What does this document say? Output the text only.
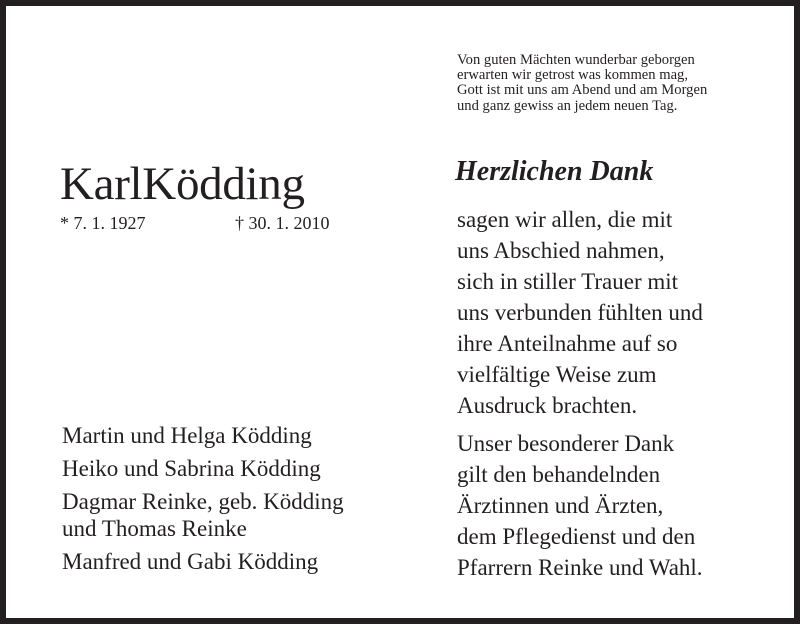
Von guten Mächten wunderbar geborgen
erwarten wir getrost was kommen mag,
Gott ist mit uns am Abend und am Morgen
und ganz gewiss an jedem neuen Tag.
KarlKödding
* 7. 1. 1927	† 30. 1. 2010
Martin und Helga Ködding
Heiko und Sabrina Ködding
Dagmar Reinke, geb. Ködding
und Thomas Reinke
Manfred und Gabi Ködding
Herzlichen Dank
sagen wir allen, die mit
uns Abschied nahmen,
sich in stiller Trauer mit
uns verbunden fühlten und
ihre Anteilnahme auf so
vielfältige Weise zum
Ausdruck brachten.
Unser besonderer Dank
gilt den behandelnden
Ärztinnen und Ärzten,
dem Pflegedienst und den
Pfarrern Reinke und Wahl.
